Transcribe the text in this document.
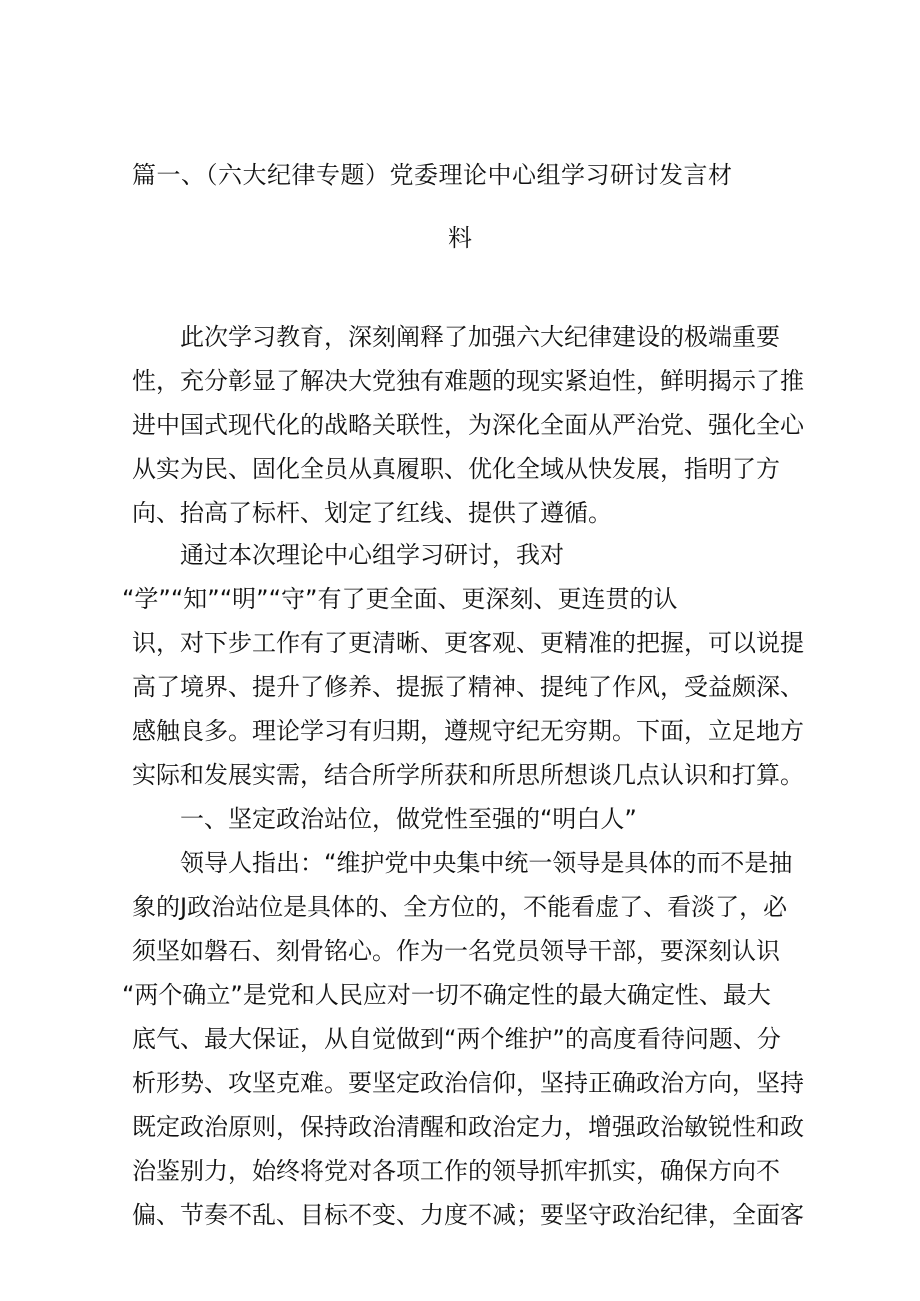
篇一、（六大纪律专题）党委理论中心组学习研讨发言材
料
此次学习教育，深刻阐释了加强六大纪律建设的极端重要
性，充分彰显了解决大党独有难题的现实紧迫性，鲜明揭示了推
进中国式现代化的战略关联性，为深化全面从严治党、强化全心
从实为民、固化全员从真履职、优化全域从快发展，指明了方
向、抬高了标杆、划定了红线、提供了遵循。
通过本次理论中心组学习研讨，我对
“学”“知”“明”“守”有了更全面、更深刻、更连贯的认
识，对下步工作有了更清晰、更客观、更精准的把握，可以说提
高了境界、提升了修养、提振了精神、提纯了作风，受益颇深、
感触良多。理论学习有归期，遵规守纪无穷期。下面，立足地方
实际和发展实需，结合所学所获和所思所想谈几点认识和打算。
一、坚定政治站位，做党性至强的“明白人”
领导人指出：“维护党中央集中统一领导是具体的而不是抽
象的J政治站位是具体的、全方位的，不能看虚了、看淡了，必
须坚如磐石、刻骨铭心。作为一名党员领导干部，要深刻认识
“两个确立”是党和人民应对一切不确定性的最大确定性、最大
底气、最大保证，从自觉做到“两个维护”的高度看待问题、分
析形势、攻坚克难。要坚定政治信仰，坚持正确政治方向，坚持
既定政治原则，保持政治清醒和政治定力，增强政治敏锐性和政
治鉴别力，始终将党对各项工作的领导抓牢抓实，确保方向不
偏、节奏不乱、目标不变、力度不减；要坚守政治纪律，全面客
